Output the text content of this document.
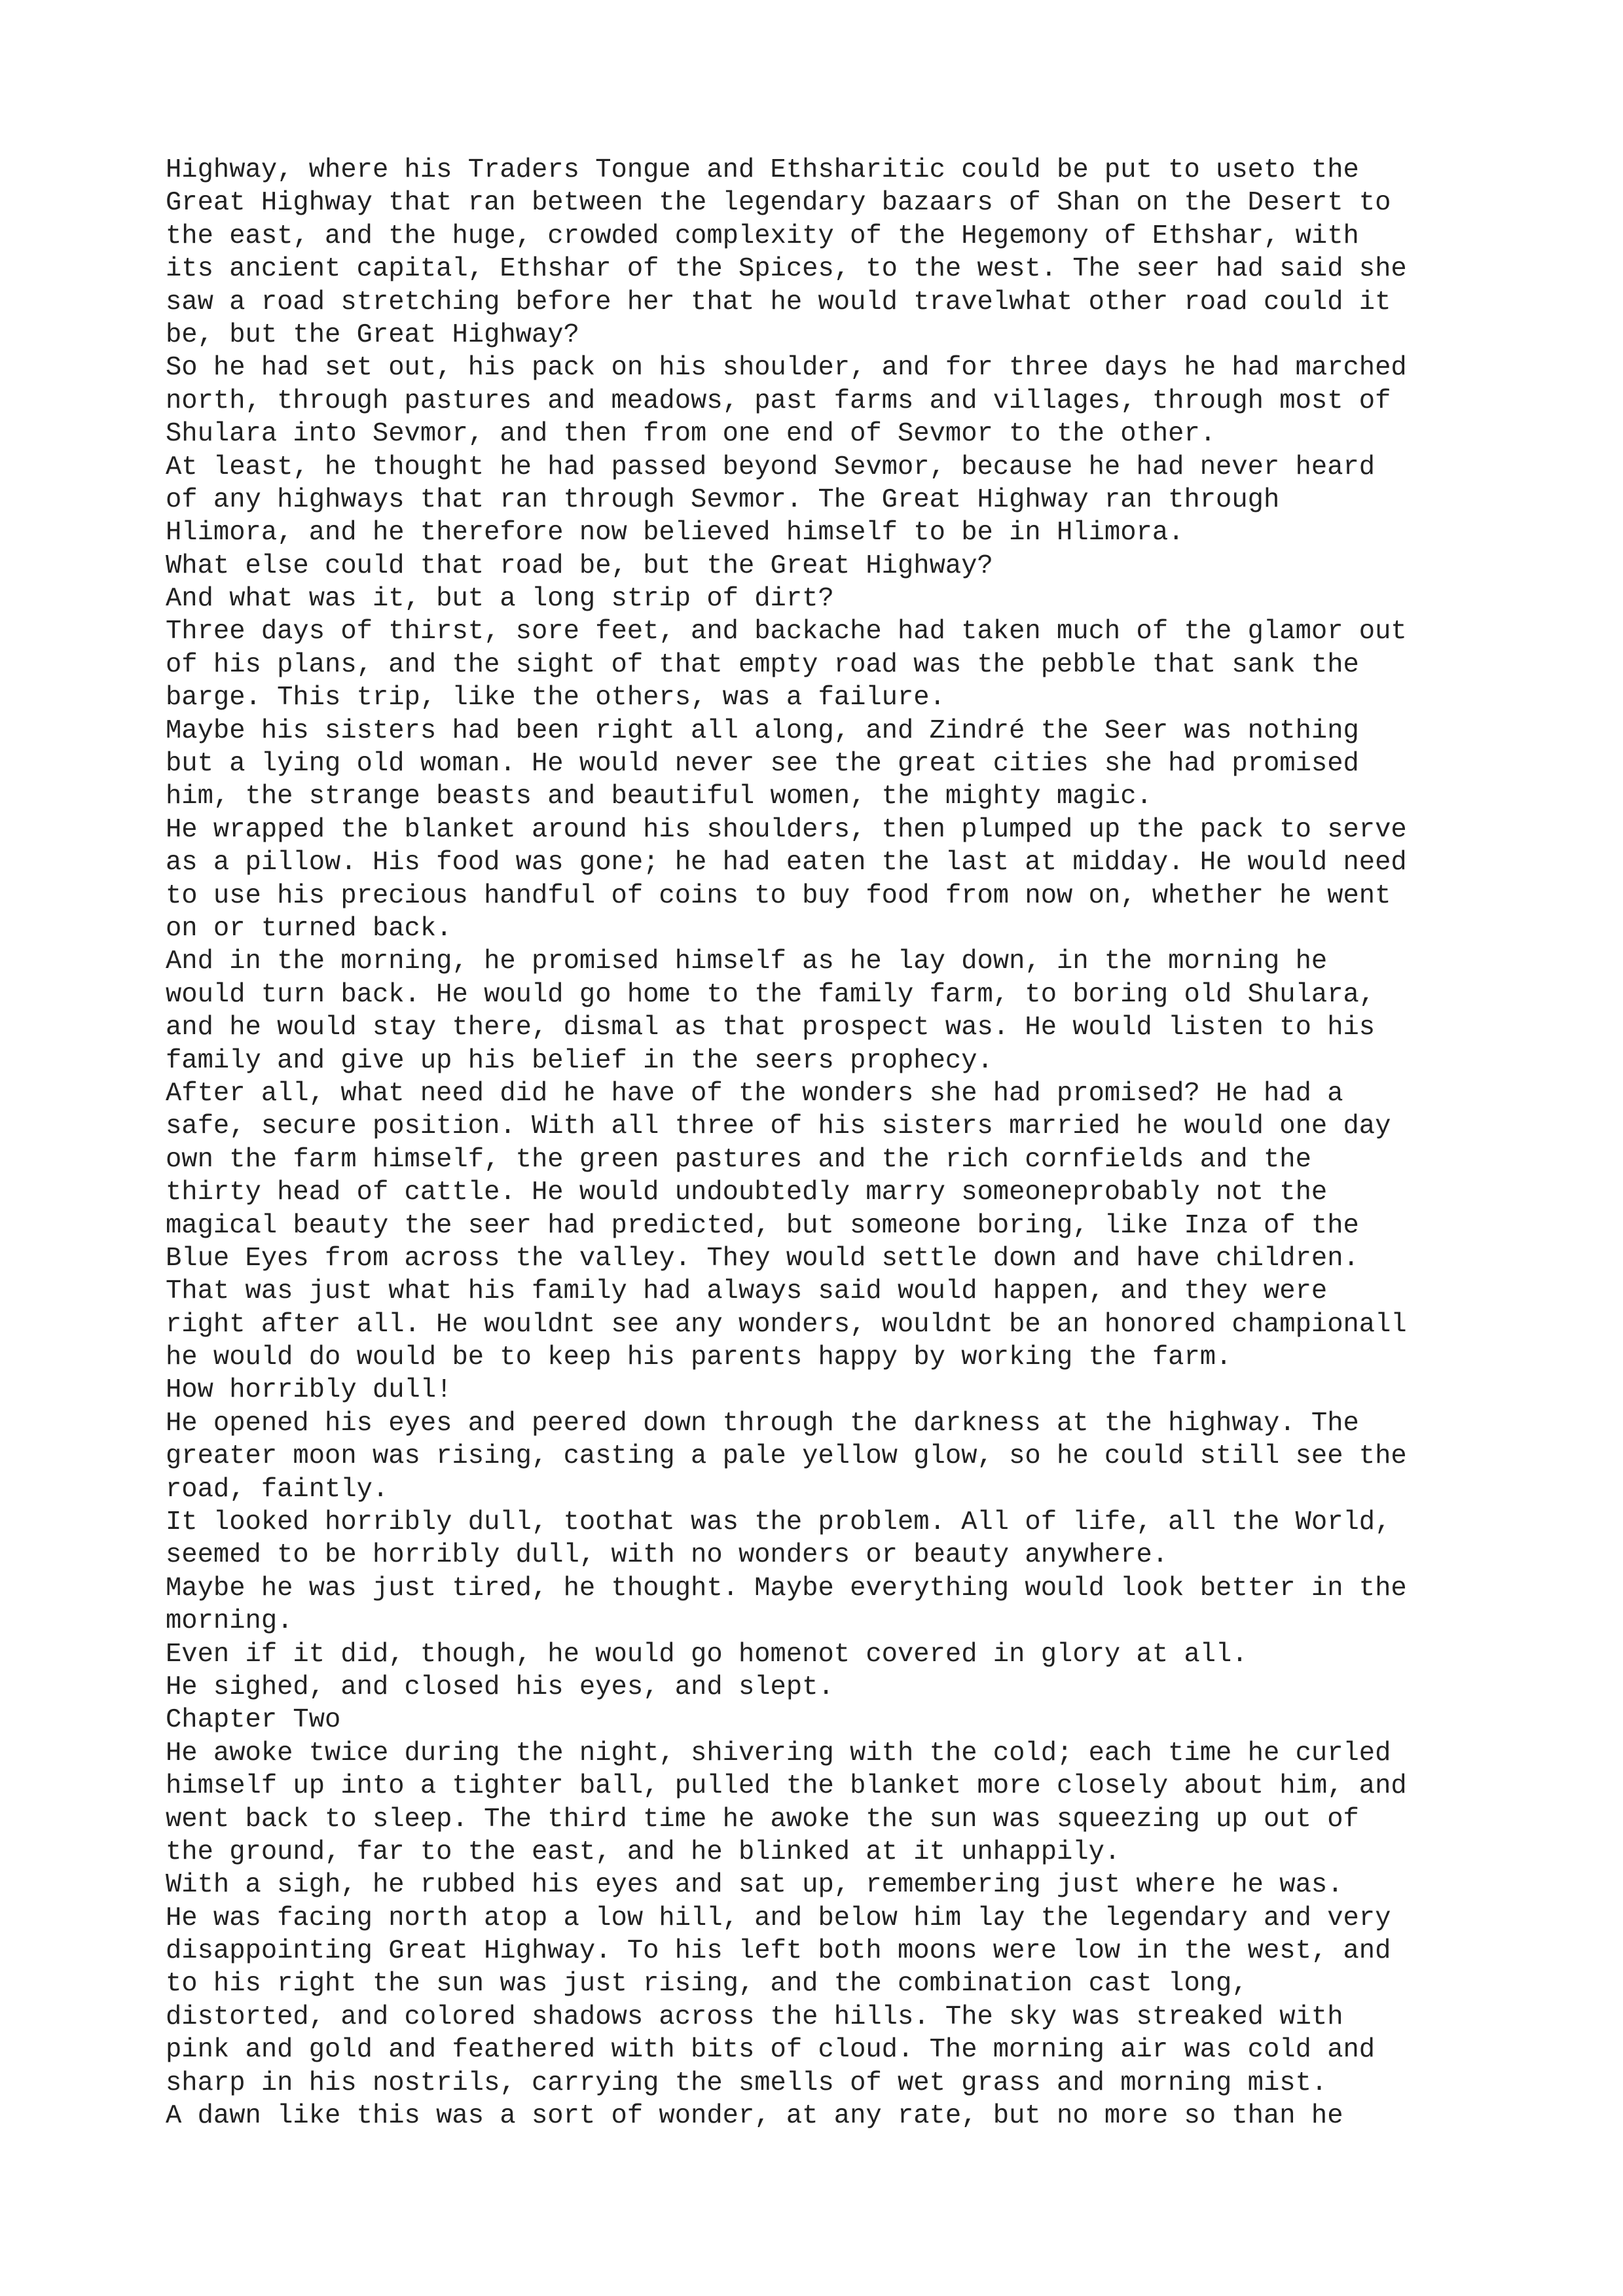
Highway, where his Traders Tongue and Ethsharitic could be put to useto the
Great Highway that ran between the legendary bazaars of Shan on the Desert to
the east, and the huge, crowded complexity of the Hegemony of Ethshar, with
its ancient capital, Ethshar of the Spices, to the west. The seer had said she
saw a road stretching before her that he would travelwhat other road could it
be, but the Great Highway?
So he had set out, his pack on his shoulder, and for three days he had marched
north, through pastures and meadows, past farms and villages, through most of
Shulara into Sevmor, and then from one end of Sevmor to the other.
At least, he thought he had passed beyond Sevmor, because he had never heard
of any highways that ran through Sevmor. The Great Highway ran through
Hlimora, and he therefore now believed himself to be in Hlimora.
What else could that road be, but the Great Highway?
And what was it, but a long strip of dirt?
Three days of thirst, sore feet, and backache had taken much of the glamor out
of his plans, and the sight of that empty road was the pebble that sank the
barge. This trip, like the others, was a failure.
Maybe his sisters had been right all along, and Zindré the Seer was nothing
but a lying old woman. He would never see the great cities she had promised
him, the strange beasts and beautiful women, the mighty magic.
He wrapped the blanket around his shoulders, then plumped up the pack to serve
as a pillow. His food was gone; he had eaten the last at midday. He would need
to use his precious handful of coins to buy food from now on, whether he went
on or turned back.
And in the morning, he promised himself as he lay down, in the morning he
would turn back. He would go home to the family farm, to boring old Shulara,
and he would stay there, dismal as that prospect was. He would listen to his
family and give up his belief in the seers prophecy.
After all, what need did he have of the wonders she had promised? He had a
safe, secure position. With all three of his sisters married he would one day
own the farm himself, the green pastures and the rich cornfields and the
thirty head of cattle. He would undoubtedly marry someoneprobably not the
magical beauty the seer had predicted, but someone boring, like Inza of the
Blue Eyes from across the valley. They would settle down and have children.
That was just what his family had always said would happen, and they were
right after all. He wouldnt see any wonders, wouldnt be an honored championall
he would do would be to keep his parents happy by working the farm.
How horribly dull!
He opened his eyes and peered down through the darkness at the highway. The
greater moon was rising, casting a pale yellow glow, so he could still see the
road, faintly.
It looked horribly dull, toothat was the problem. All of life, all the World,
seemed to be horribly dull, with no wonders or beauty anywhere.
Maybe he was just tired, he thought. Maybe everything would look better in the
morning.
Even if it did, though, he would go homenot covered in glory at all.
He sighed, and closed his eyes, and slept.
Chapter Two
He awoke twice during the night, shivering with the cold; each time he curled
himself up into a tighter ball, pulled the blanket more closely about him, and
went back to sleep. The third time he awoke the sun was squeezing up out of
the ground, far to the east, and he blinked at it unhappily.
With a sigh, he rubbed his eyes and sat up, remembering just where he was.
He was facing north atop a low hill, and below him lay the legendary and very
disappointing Great Highway. To his left both moons were low in the west, and
to his right the sun was just rising, and the combination cast long,
distorted, and colored shadows across the hills. The sky was streaked with
pink and gold and feathered with bits of cloud. The morning air was cold and
sharp in his nostrils, carrying the smells of wet grass and morning mist.
A dawn like this was a sort of wonder, at any rate, but no more so than he
